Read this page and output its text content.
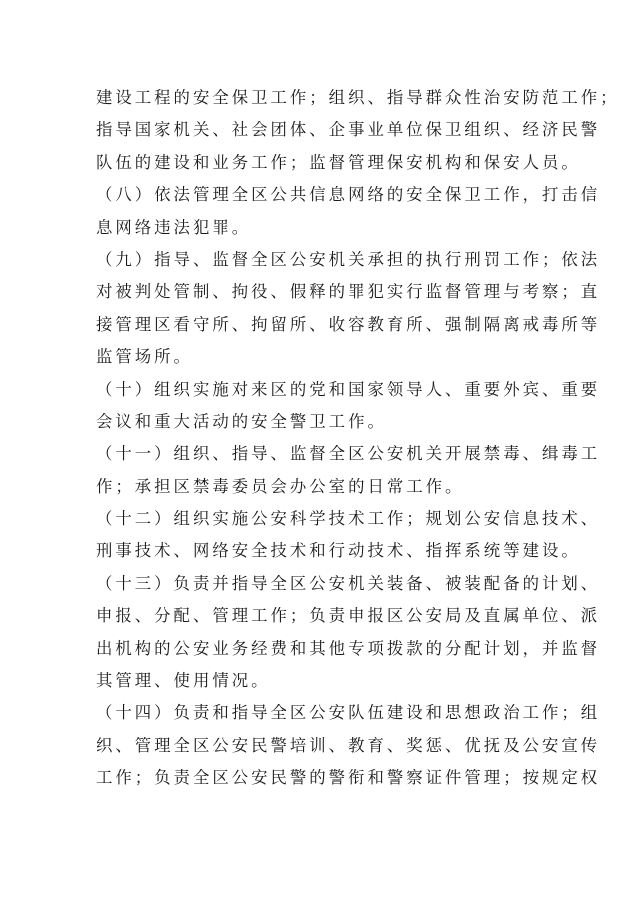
建设工程的安全保卫工作；组织、指导群众性治安防范工作；
指导国家机关、社会团体、企事业单位保卫组织、经济民警
队伍的建设和业务工作；监督管理保安机构和保安人员。
（八）依法管理全区公共信息网络的安全保卫工作，打击信
息网络违法犯罪。
（九）指导、监督全区公安机关承担的执行刑罚工作；依法
对被判处管制、拘役、假释的罪犯实行监督管理与考察；直
接管理区看守所、拘留所、收容教育所、强制隔离戒毒所等
监管场所。
（十）组织实施对来区的党和国家领导人、重要外宾、重要
会议和重大活动的安全警卫工作。
（十一）组织、指导、监督全区公安机关开展禁毒、缉毒工
作；承担区禁毒委员会办公室的日常工作。
（十二）组织实施公安科学技术工作；规划公安信息技术、
刑事技术、网络安全技术和行动技术、指挥系统等建设。
（十三）负责并指导全区公安机关装备、被装配备的计划、
申报、分配、管理工作；负责申报区公安局及直属单位、派
出机构的公安业务经费和其他专项拨款的分配计划，并监督
其管理、使用情况。
（十四）负责和指导全区公安队伍建设和思想政治工作；组
织、管理全区公安民警培训、教育、奖惩、优抚及公安宣传
工作；负责全区公安民警的警衔和警察证件管理；按规定权
